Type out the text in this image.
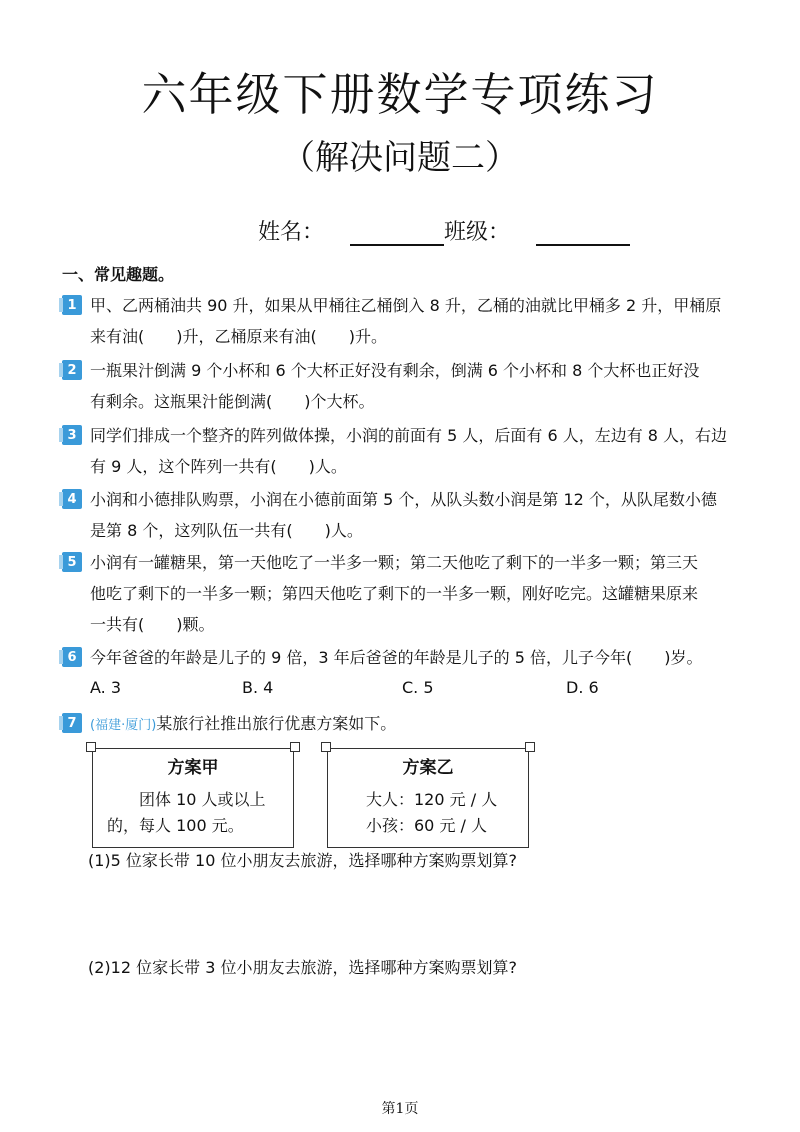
六年级下册数学专项练习
（解决问题二）
姓名：	班级：
一、常见趣题。
1 甲、乙两桶油共 90 升，如果从甲桶往乙桶倒入 8 升，乙桶的油就比甲桶多 2 升，甲桶原
来有油(　　)升，乙桶原来有油(　　)升。
2 一瓶果汁倒满 9 个小杯和 6 个大杯正好没有剩余，倒满 6 个小杯和 8 个大杯也正好没
有剩余。这瓶果汁能倒满(　　)个大杯。
3 同学们排成一个整齐的阵列做体操，小润的前面有 5 人，后面有 6 人，左边有 8 人，右边
有 9 人，这个阵列一共有(　　)人。
4 小润和小德排队购票，小润在小德前面第 5 个，从队头数小润是第 12 个，从队尾数小德
是第 8 个，这列队伍一共有(　　)人。
5 小润有一罐糖果，第一天他吃了一半多一颗；第二天他吃了剩下的一半多一颗；第三天
他吃了剩下的一半多一颗；第四天他吃了剩下的一半多一颗，刚好吃完。这罐糖果原来
一共有(　　)颗。
6 今年爸爸的年龄是儿子的 9 倍，3 年后爸爸的年龄是儿子的 5 倍，儿子今年(　　)岁。
A. 3	B. 4	C. 5	D. 6
7	(福建·厦门)某旅行社推出旅行优惠方案如下。
方案甲
团体 10 人或以上
的，每人 100 元。
方案乙
大人：120 元 / 人
小孩：60 元 / 人
(1)5 位家长带 10 位小朋友去旅游，选择哪种方案购票划算?
(2)12 位家长带 3 位小朋友去旅游，选择哪种方案购票划算?
第1页
